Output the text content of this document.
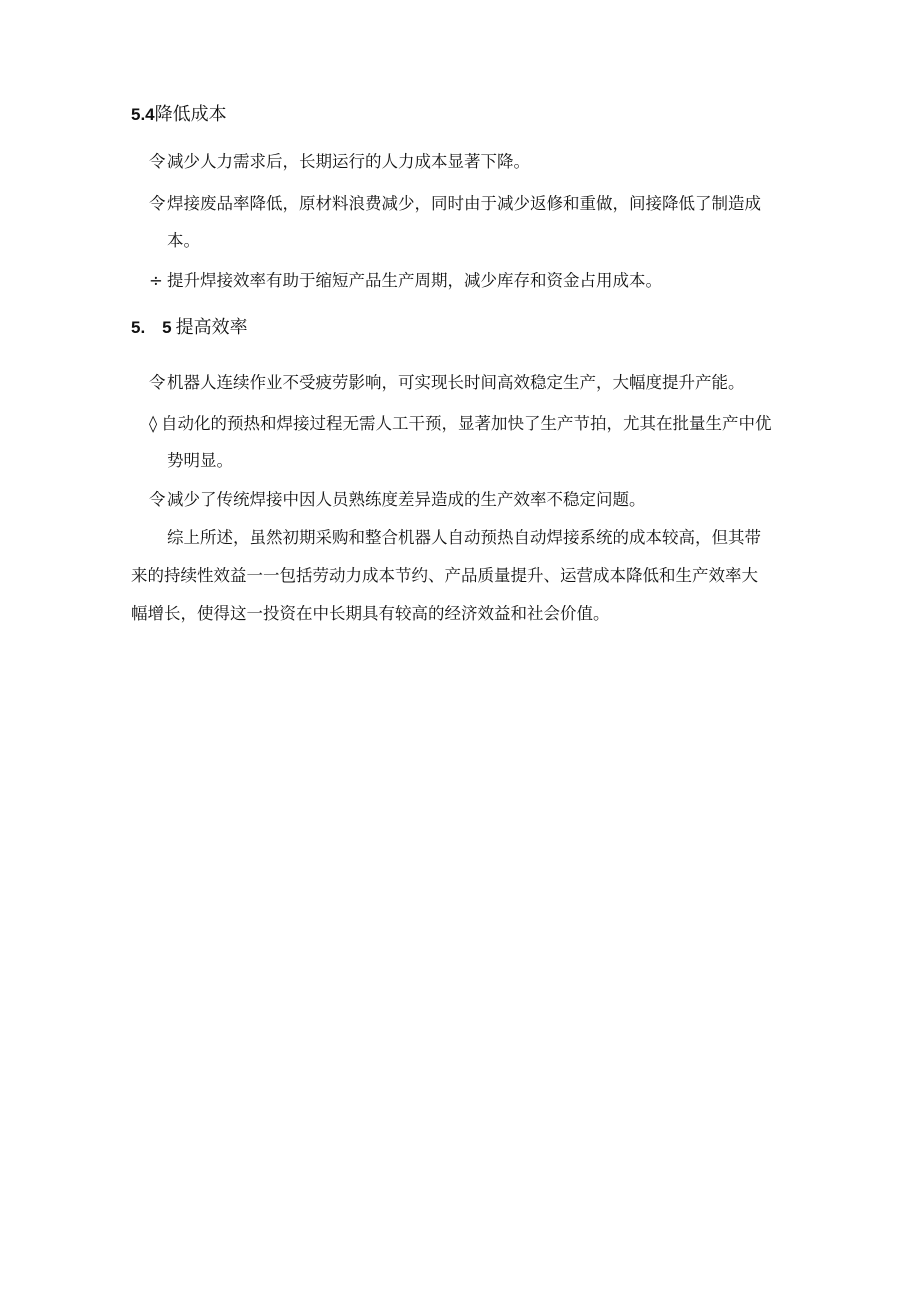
5.4降低成本
令减少人力需求后，长期运行的人力成本显著下降。
令焊接废品率降低，原材料浪费减少，同时由于减少返修和重做，间接降低了制造成
本。
÷ 提升焊接效率有助于缩短产品生产周期，减少库存和资金占用成本。
5.　5 提高效率
令机器人连续作业不受疲劳影响，可实现长时间高效稳定生产，大幅度提升产能。
◊ 自动化的预热和焊接过程无需人工干预，显著加快了生产节拍，尤其在批量生产中优
势明显。
令减少了传统焊接中因人员熟练度差异造成的生产效率不稳定问题。
综上所述，虽然初期采购和整合机器人自动预热自动焊接系统的成本较高，但其带
来的持续性效益一一包括劳动力成本节约、产品质量提升、运营成本降低和生产效率大
幅增长，使得这一投资在中长期具有较高的经济效益和社会价值。
